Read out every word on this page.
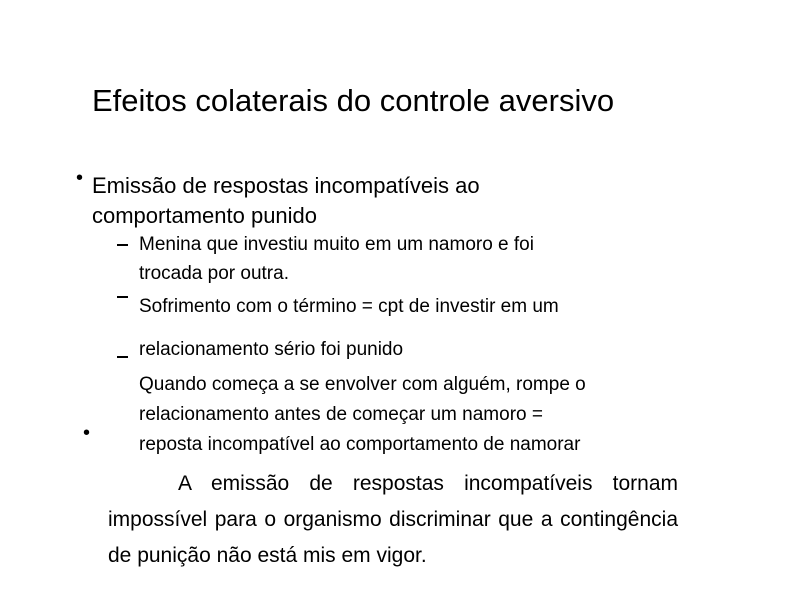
Efeitos colaterais do controle aversivo
• Emissão de respostas incompatíveis ao
comportamento punido
Menina que investiu muito em um namoro e foi
trocada por outra.
Sofrimento com o término = cpt de investir em um
relacionamento sério foi punido
Quando começa a se envolver com alguém, rompe o
relacionamento antes de começar um namoro =
reposta incompatível ao comportamento de namorar
•
A emissão de respostas incompatíveis tornam impossível para o organismo discriminar que a contingência de punição não está mis em vigor.
